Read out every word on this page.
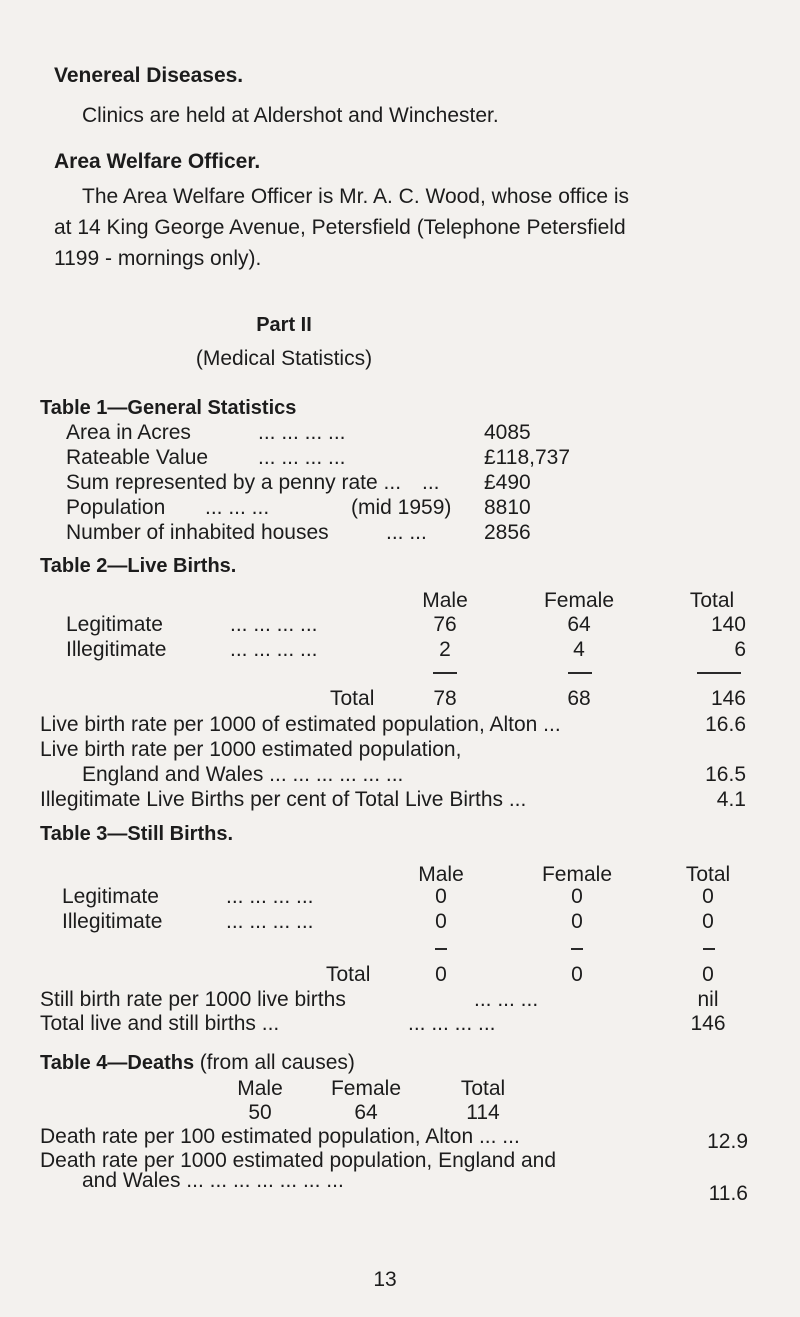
Venereal Diseases.
Clinics are held at Aldershot and Winchester.
Area Welfare Officer.
The Area Welfare Officer is Mr. A. C. Wood, whose office is
at 14 King George Avenue, Petersfield (Telephone Petersfield
1199 - mornings only).
Part II
(Medical Statistics)
Table 1—General Statistics
Area in Acres	... ... ... ...	4085
Rateable Value ... ... ... ...	£118,737
Sum represented by a penny rate ... ... £490
Population ... ... ...	(mid 1959) 8810
Number of inhabited houses	... ...	2856
Table 2—Live Births.
Male	Female	Total
Legitimate	... ... ... ...	76	64	140
Illegitimate	... ... ... ...	2	4	6
Total	78	68	146
Live birth rate per 1000 of estimated population, Alton ...	16.6
Live birth rate per 1000 estimated population,
England and Wales ... ... ... ... ... ...	16.5
Illegitimate Live Births per cent of Total Live Births ...	4.1
Table 3—Still Births.
Male	Female	Total
Legitimate	... ... ... ...	0	0	0
Illegitimate	... ... ... ...	0	0	0
Total	0	0	0
Still birth rate per 1000 live births	... ... ...	nil
Total live and still births ...	... ... ... ...	146
Table 4—Deaths (from all causes)
Male	Female	Total
50	64	114
Death rate per 100 estimated population, Alton ... ...	12.9
Death rate per 1000 estimated population, England and
and Wales ... ... ... ... ... ... ...
11.6
13
